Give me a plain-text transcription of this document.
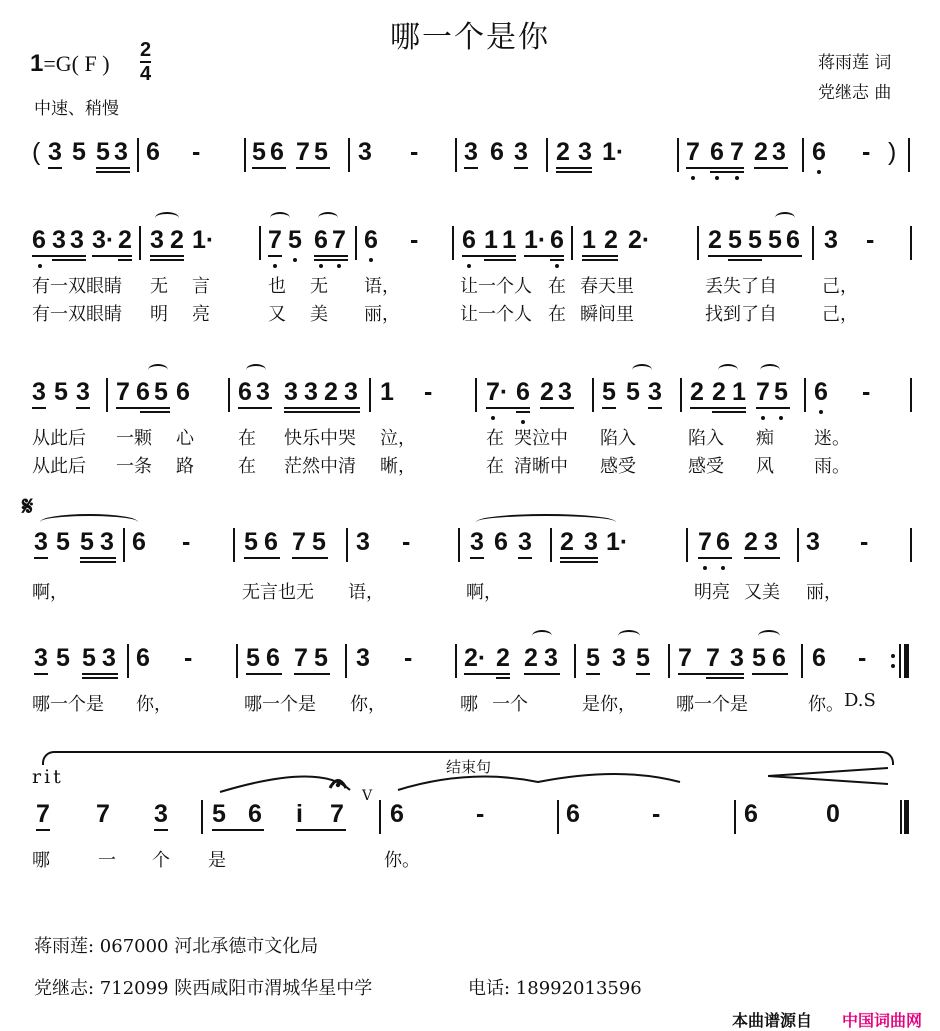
哪一个是你
1=G( F )
2
4
中速、稍慢
蒋雨莲 词
党继志 曲
( 3 5 5 3 6 - 5 6 7 5 3 - 3 6 3 2 3 1· 7 6 7 2 3 6 - )
6 3 3 3· 2 3 2 1· 7 5 6 7 6 - 6 1 1 1· 6 1 2 2· 2 5 5 5 6 3 -
有一双眼睛 无 言	也 无 语，	让一个人 在 春天里	丢失了自	己，
有一双眼睛 明 亮	又 美 丽，	让一个人 在 瞬间里	找到了自	己，
3 5 3 7 6 5 6 6 3 3 3 2 3 1 - 7· 6 2 3 5 5 3 2 2 1 7 5 6 -
从此后 一颗 心 在 快乐中哭 泣，	在 哭泣中 陷入	陷入 痴 迷。
从此后 一条 路 在 茫然中清 晰，	在 清晰中 感受	感受 风 雨。
𝄋
3 5 5 3 6 - 5 6 7 5 3 - 3 6 3 2 3 1·	7 6 2 3 3 -
啊，	无言也无 语，	啊，	明亮 又美 丽，
3 5 5 3 6 - 5 6 7 5 3 - 2· 2 2 3 5 3 5 7 7 3 5 6 6 -
哪一个是 你，	哪一个是 你，	哪 一个	是你， 哪一个是	你。 D.S
rit	结束句
7 7 3 5 6 i 7
V
6	-	6	-	6	0
哪	一 个 是	你。
蒋雨莲: 067000 河北承德市文化局
党继志: 712099 陕西咸阳市渭城华星中学	电话: 18992013596
本曲谱源自 中国词曲网
